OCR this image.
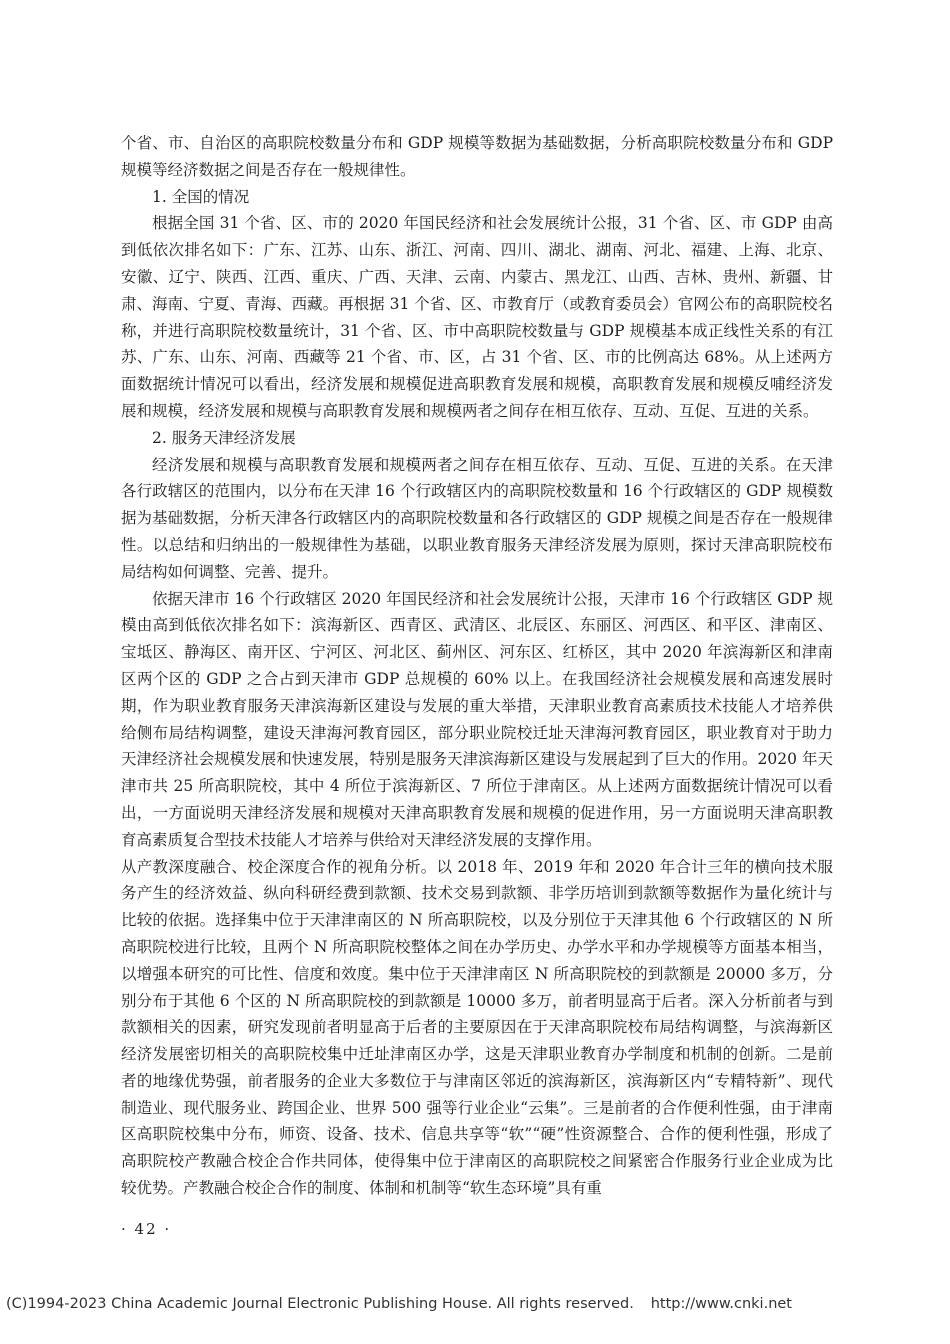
个省、市、自治区的高职院校数量分布和 GDP 规模等数据为基础数据，分析高职院校数量分布和 GDP 规模等经济数据之间是否存在一般规律性。

1. 全国的情况

根据全国 31 个省、区、市的 2020 年国民经济和社会发展统计公报，31 个省、区、市 GDP 由高到低依次排名如下：广东、江苏、山东、浙江、河南、四川、湖北、湖南、河北、福建、上海、北京、安徽、辽宁、陕西、江西、重庆、广西、天津、云南、内蒙古、黑龙江、山西、吉林、贵州、新疆、甘肃、海南、宁夏、青海、西藏。再根据 31 个省、区、市教育厅（或教育委员会）官网公布的高职院校名称，并进行高职院校数量统计，31 个省、区、市中高职院校数量与 GDP 规模基本成正线性关系的有江苏、广东、山东、河南、西藏等 21 个省、市、区，占 31 个省、区、市的比例高达 68%。从上述两方面数据统计情况可以看出，经济发展和规模促进高职教育发展和规模，高职教育发展和规模反哺经济发展和规模，经济发展和规模与高职教育发展和规模两者之间存在相互依存、互动、互促、互进的关系。

2. 服务天津经济发展

经济发展和规模与高职教育发展和规模两者之间存在相互依存、互动、互促、互进的关系。在天津各行政辖区的范围内，以分布在天津 16 个行政辖区内的高职院校数量和 16 个行政辖区的 GDP 规模数据为基础数据，分析天津各行政辖区内的高职院校数量和各行政辖区的 GDP 规模之间是否存在一般规律性。以总结和归纳出的一般规律性为基础，以职业教育服务天津经济发展为原则，探讨天津高职院校布局结构如何调整、完善、提升。

依据天津市 16 个行政辖区 2020 年国民经济和社会发展统计公报，天津市 16 个行政辖区 GDP 规模由高到低依次排名如下：滨海新区、西青区、武清区、北辰区、东丽区、河西区、和平区、津南区、宝坻区、静海区、南开区、宁河区、河北区、蓟州区、河东区、红桥区，其中 2020 年滨海新区和津南区两个区的 GDP 之合占到天津市 GDP 总规模的 60% 以上。在我国经济社会规模发展和高速发展时期，作为职业教育服务天津滨海新区建设与发展的重大举措，天津职业教育高素质技术技能人才培养供给侧布局结构调整，建设天津海河教育园区，部分职业院校迁址天津海河教育园区，职业教育对于助力天津经济社会规模发展和快速发展，特别是服务天津滨海新区建设与发展起到了巨大的作用。2020 年天津市共 25 所高职院校，其中 4 所位于滨海新区、7 所位于津南区。从上述两方面数据统计情况可以看出，一方面说明天津经济发展和规模对天津高职教育发展和规模的促进作用，另一方面说明天津高职教育高素质复合型技术技能人才培养与供给对天津经济发展的支撑作用。

从产教深度融合、校企深度合作的视角分析。以 2018 年、2019 年和 2020 年合计三年的横向技术服务产生的经济效益、纵向科研经费到款额、技术交易到款额、非学历培训到款额等数据作为量化统计与比较的依据。选择集中位于天津津南区的 N 所高职院校，以及分别位于天津其他 6 个行政辖区的 N 所高职院校进行比较，且两个 N 所高职院校整体之间在办学历史、办学水平和办学规模等方面基本相当，以增强本研究的可比性、信度和效度。集中位于天津津南区 N 所高职院校的到款额是 20000 多万，分别分布于其他 6 个区的 N 所高职院校的到款额是 10000 多万，前者明显高于后者。深入分析前者与到款额相关的因素，研究发现前者明显高于后者的主要原因在于天津高职院校布局结构调整，与滨海新区经济发展密切相关的高职院校集中迁址津南区办学，这是天津职业教育办学制度和机制的创新。二是前者的地缘优势强，前者服务的企业大多数位于与津南区邻近的滨海新区，滨海新区内“专精特新”、现代制造业、现代服务业、跨国企业、世界 500 强等行业企业“云集”。三是前者的合作便利性强，由于津南区高职院校集中分布，师资、设备、技术、信息共享等“软”“硬”性资源整合、合作的便利性强，形成了高职院校产教融合校企合作共同体，使得集中位于津南区的高职院校之间紧密合作服务行业企业成为比较优势。产教融合校企合作的制度、体制和机制等“软生态环境”具有重

· 42 ·
(C)1994-2023 China Academic Journal Electronic Publishing House. All rights reserved. http://www.cnki.net
